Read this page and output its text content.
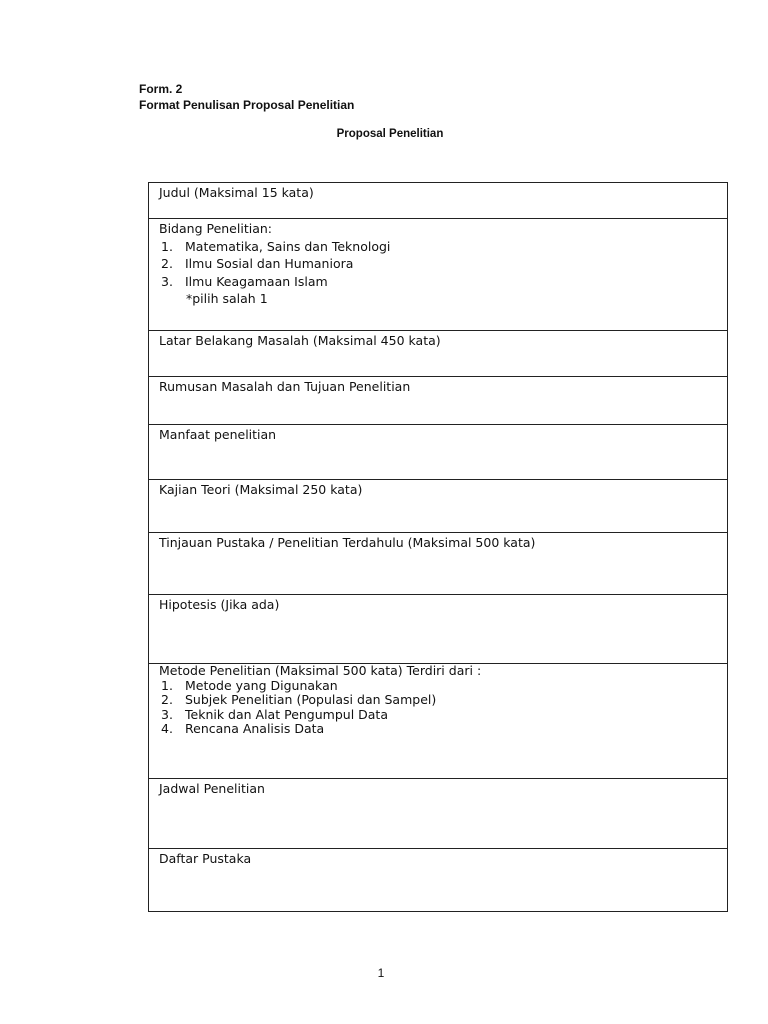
Form. 2
Format Penulisan Proposal Penelitian
Proposal Penelitian
Judul (Maksimal 15 kata)

Bidang Penelitian:
1. Matematika, Sains dan Teknologi
2. Ilmu Sosial dan Humaniora
3. Ilmu Keagamaan Islam
*pilih salah 1

Latar Belakang Masalah (Maksimal 450 kata)

Rumusan Masalah dan Tujuan Penelitian

Manfaat penelitian

Kajian Teori (Maksimal 250 kata)

Tinjauan Pustaka / Penelitian Terdahulu (Maksimal 500 kata)

Hipotesis (Jika ada)

Metode Penelitian (Maksimal 500 kata) Terdiri dari :
1. Metode yang Digunakan
2. Subjek Penelitian (Populasi dan Sampel)
3. Teknik dan Alat Pengumpul Data
4. Rencana Analisis Data

Jadwal Penelitian

Daftar Pustaka
1
